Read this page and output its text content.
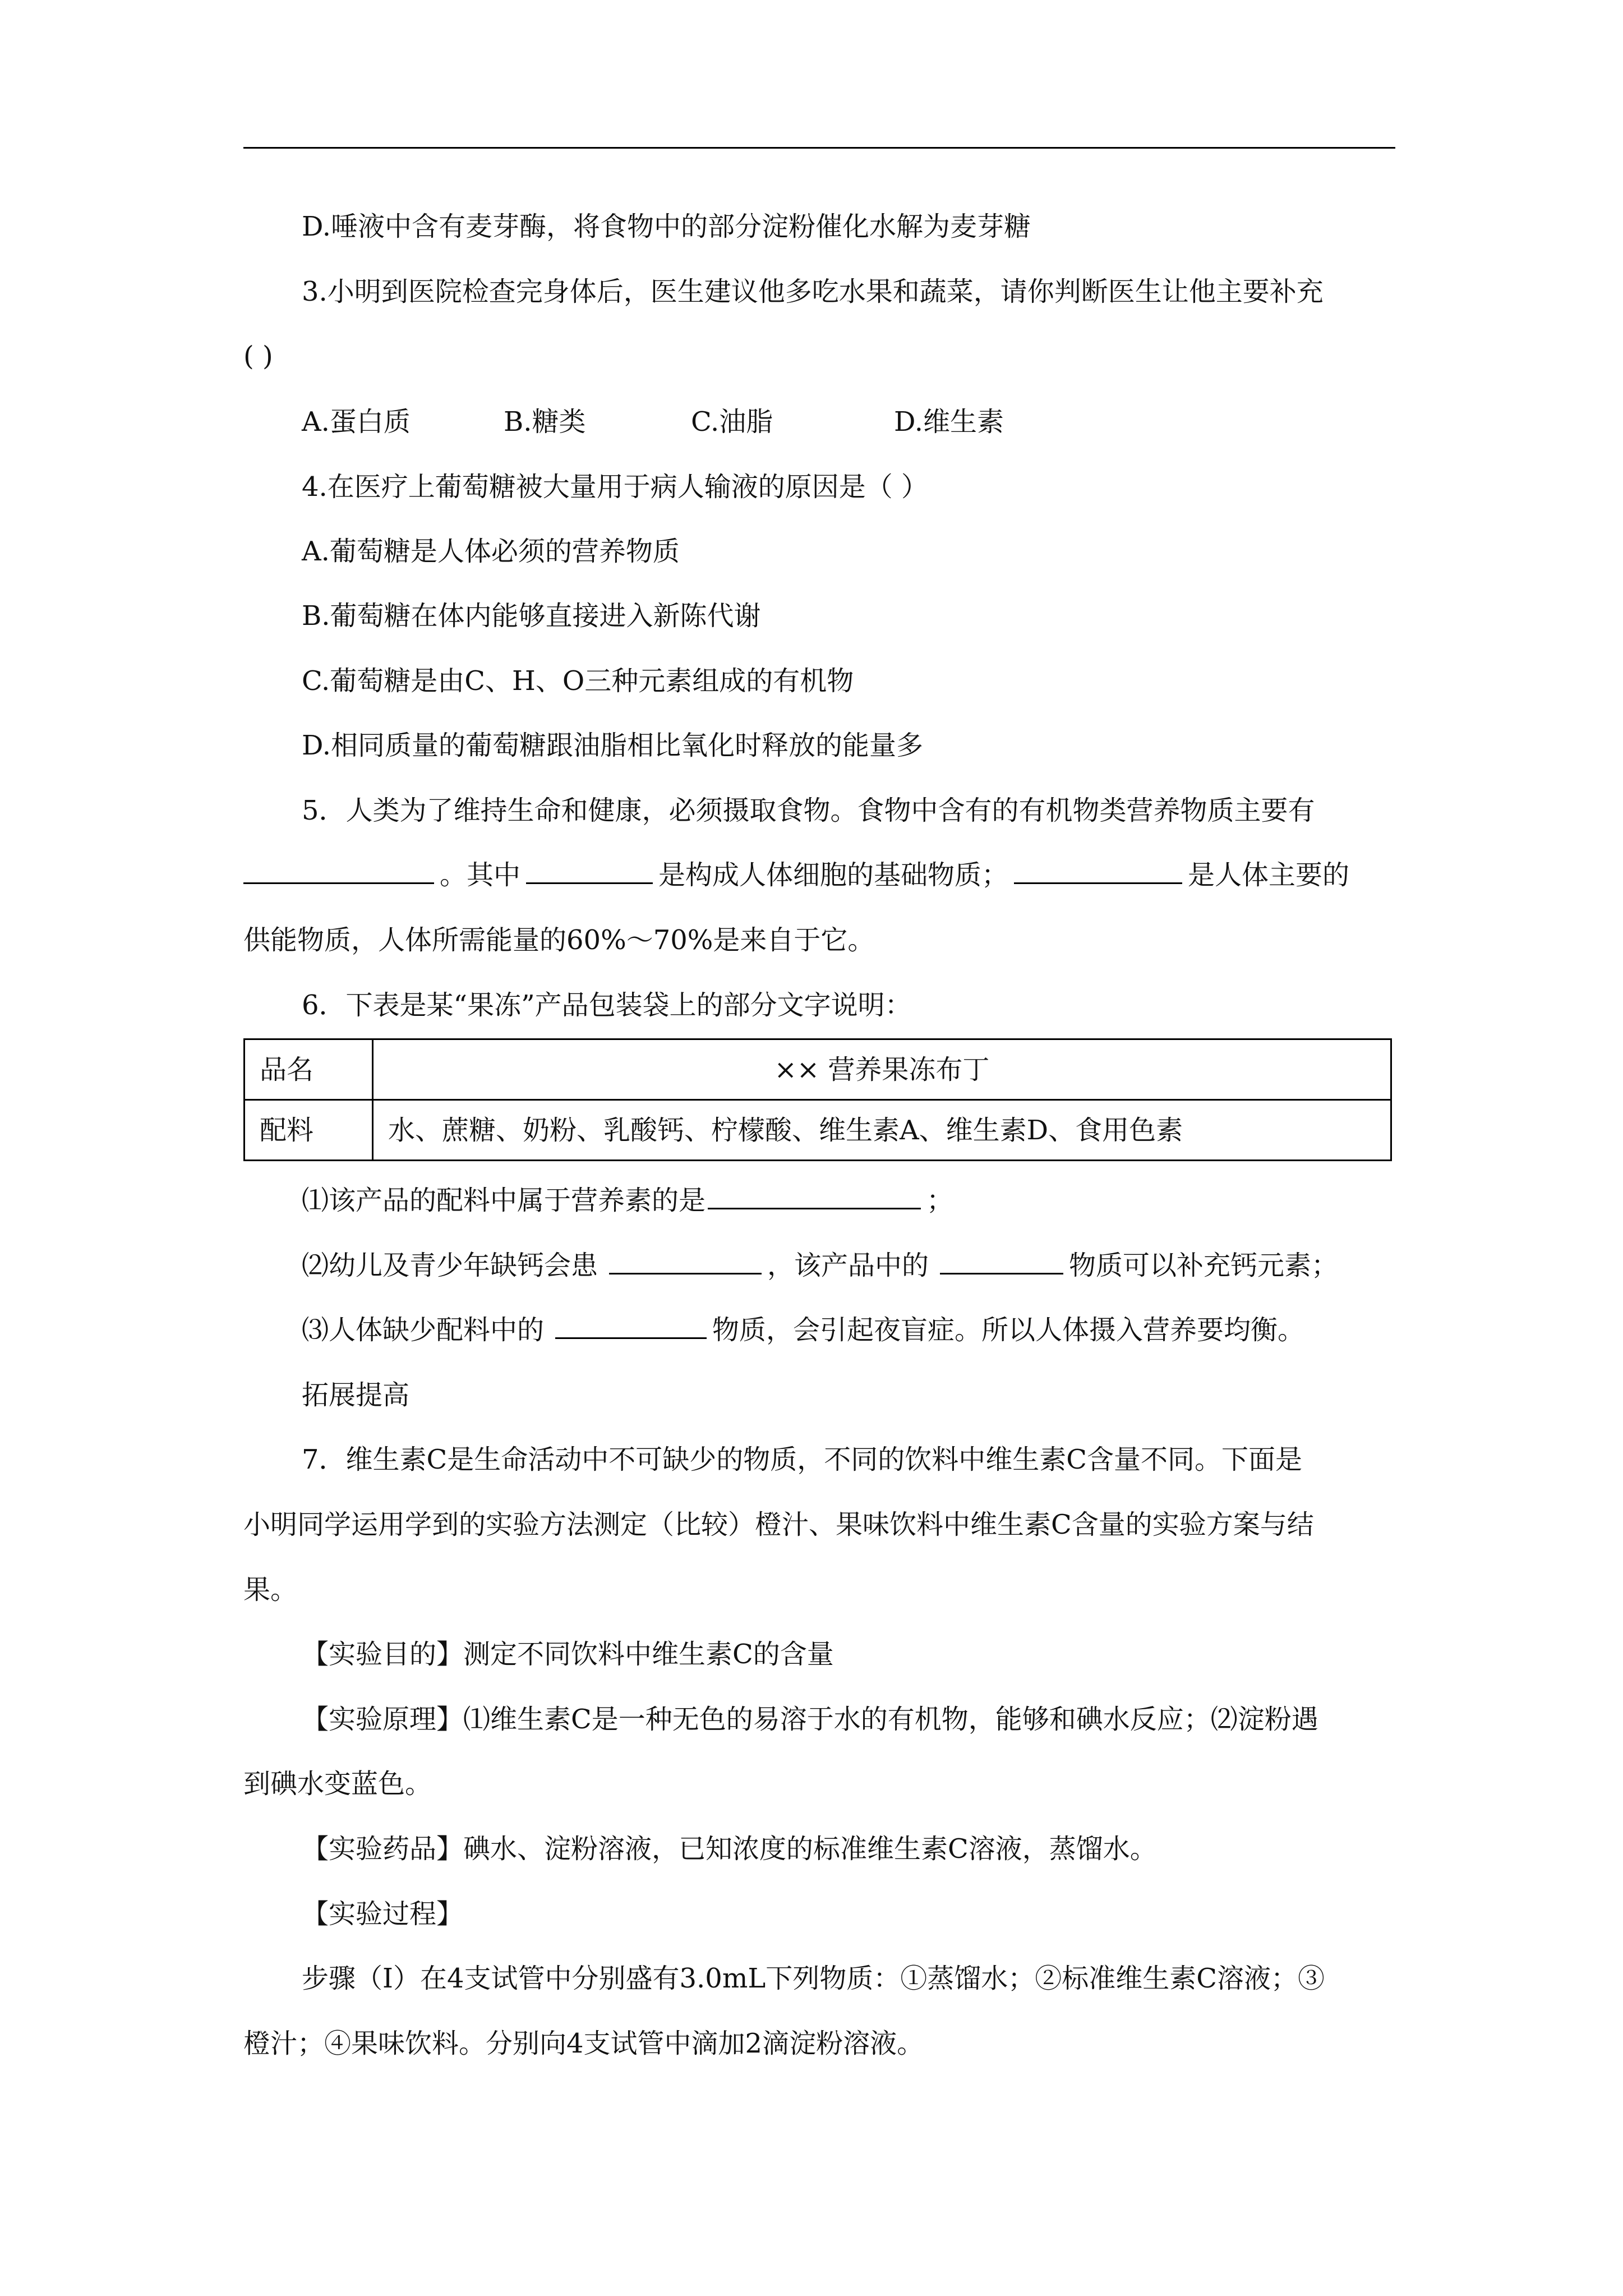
D.唾液中含有麦芽酶，将食物中的部分淀粉催化水解为麦芽糖
3.小明到医院检查完身体后，医生建议他多吃水果和蔬菜，请你判断医生让他主要补充
( )
A.蛋白质	B.糖类	C.油脂	D.维生素
4.在医疗上葡萄糖被大量用于病人输液的原因是（ ）
A.葡萄糖是人体必须的营养物质
B.葡萄糖在体内能够直接进入新陈代谢
C.葡萄糖是由C、H、O三种元素组成的有机物
D.相同质量的葡萄糖跟油脂相比氧化时释放的能量多
5．人类为了维持生命和健康，必须摄取食物。食物中含有的有机物类营养物质主要有
。其中	是构成人体细胞的基础物质；	是人体主要的
供能物质，人体所需能量的60%～70%是来自于它。
6．下表是某“果冻”产品包装袋上的部分文字说明：
品名	×× 营养果冻布丁
配料	水、蔗糖、奶粉、乳酸钙、柠檬酸、维生素A、维生素D、食用色素
⑴该产品的配料中属于营养素的是	；
⑵幼儿及青少年缺钙会患	，该产品中的	物质可以补充钙元素；
⑶人体缺少配料中的	物质，会引起夜盲症。所以人体摄入营养要均衡。
拓展提高
7．维生素C是生命活动中不可缺少的物质，不同的饮料中维生素C含量不同。下面是
小明同学运用学到的实验方法测定（比较）橙汁、果味饮料中维生素C含量的实验方案与结
果。
【实验目的】测定不同饮料中维生素C的含量
【实验原理】⑴维生素C是一种无色的易溶于水的有机物，能够和碘水反应；⑵淀粉遇
到碘水变蓝色。
【实验药品】碘水、淀粉溶液，已知浓度的标准维生素C溶液，蒸馏水。
【实验过程】
步骤（Ⅰ）在4支试管中分别盛有3.0mL下列物质：①蒸馏水；②标准维生素C溶液；③
橙汁；④果味饮料。分别向4支试管中滴加2滴淀粉溶液。
